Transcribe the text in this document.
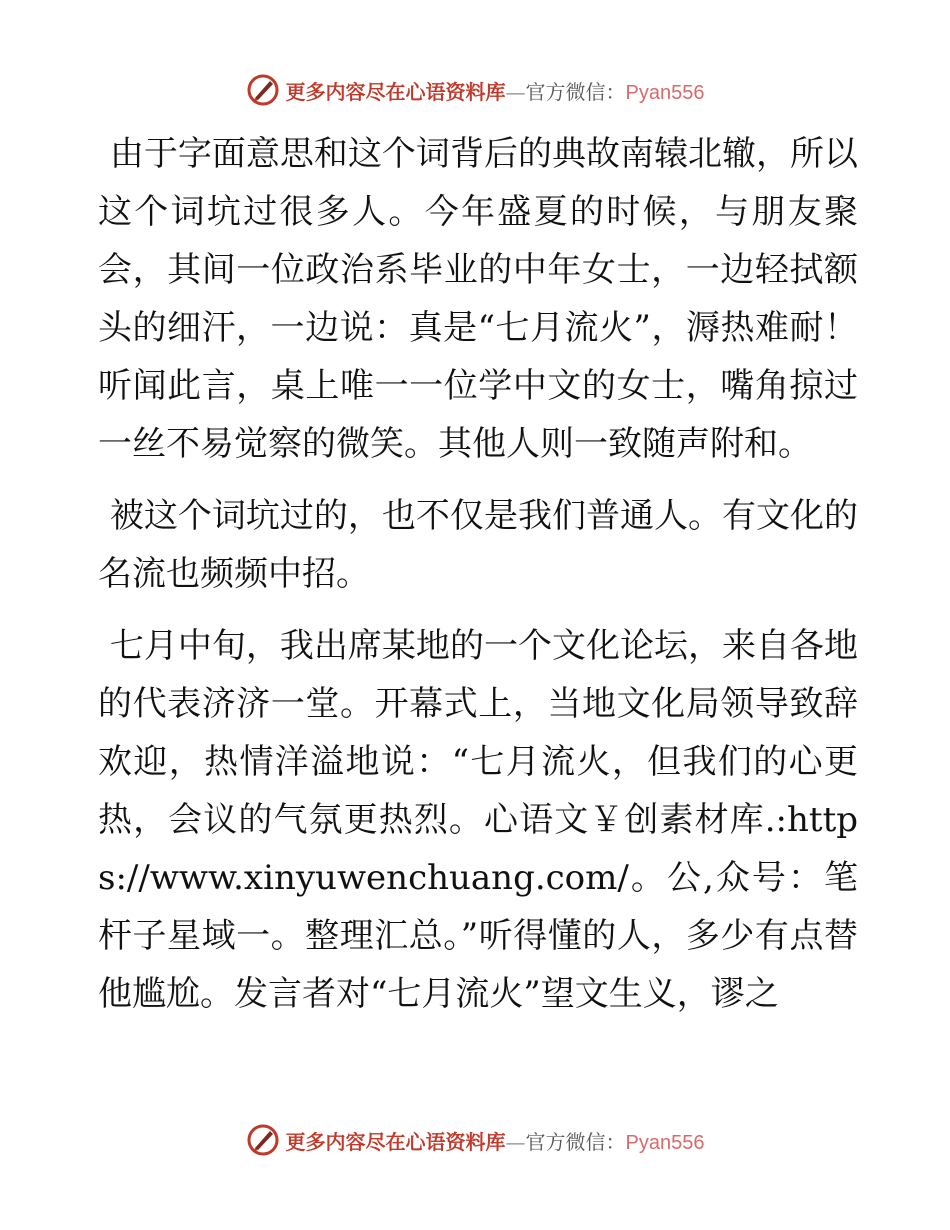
更多内容尽在心语资料库—官方微信：Pyan556

由于字面意思和这个词背后的典故南辕北辙，所以这个词坑过很多人。今年盛夏的时候，与朋友聚会，其间一位政治系毕业的中年女士，一边轻拭额头的细汗，一边说：真是“七月流火”，溽热难耐！听闻此言，桌上唯一一位学中文的女士，嘴角掠过一丝不易觉察的微笑。其他人则一致随声附和。

被这个词坑过的，也不仅是我们普通人。有文化的名流也频频中招。

七月中旬，我出席某地的一个文化论坛，来自各地的代表济济一堂。开幕式上，当地文化局领导致辞欢迎，热情洋溢地说：“七月流火，但我们的心更热，会议的气氛更热烈。心语文￥创素材库.:https://www.xinyuwenchuang.com/。公,众号：笔杆子星域一。整理汇总。”听得懂的人，多少有点替他尴尬。发言者对“七月流火”望文生义，谬之

更多内容尽在心语资料库—官方微信：Pyan556
